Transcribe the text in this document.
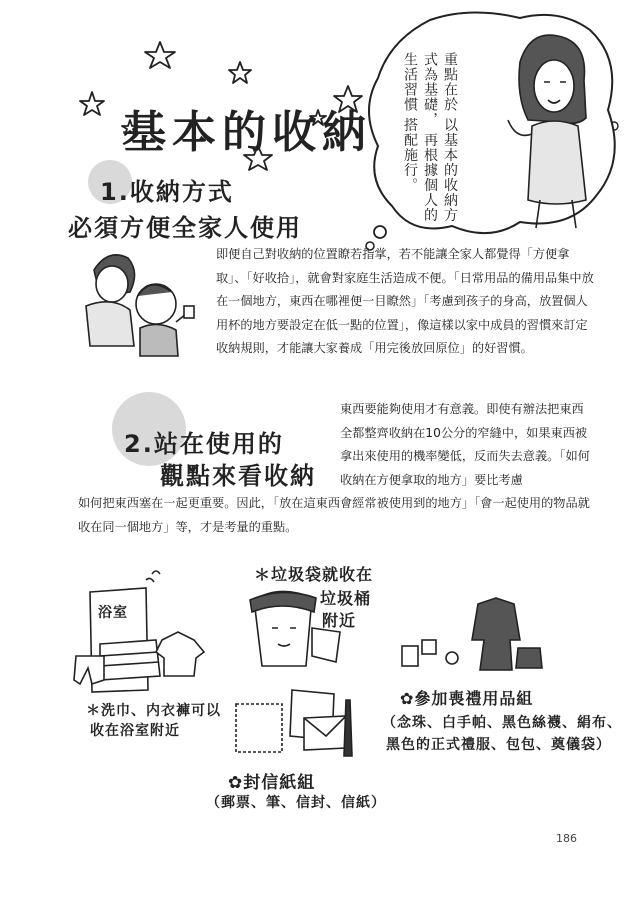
重點在於 以基本的收納方式為基礎， 再根據個人的生活習慣 搭配施行。
基本的收納
1.收納方式
必須方便全家人使用
即便自己對收納的位置瞭若指掌，若不能讓全家人都覺得「方便拿取」、「好收拾」，就會對家庭生活造成不便。「日常用品的備用品集中放在一個地方，東西在哪裡便一目瞭然」「考慮到孩子的身高，放置個人用杯的地方要設定在低一點的位置」，像這樣以家中成員的習慣來訂定收納規則，才能讓大家養成「用完後放回原位」的好習慣。
2.站在使用的
觀點來看收納
東西要能夠使用才有意義。即使有辦法把東西全都整齊收納在10公分的窄縫中，如果東西被拿出來使用的機率變低，反而失去意義。「如何收納在方便拿取的地方」要比考慮
如何把東西塞在一起更重要。因此，「放在這東西會經常被使用到的地方」「會一起使用的物品就收在同一個地方」等，才是考量的重點。
浴室
＊洗巾、内衣褲可以
收在浴室附近
＊垃圾袋就收在
垃圾桶
附近
✿參加喪禮用品組
（念珠、白手帕、黑色絲襪、絹布、
黑色的正式禮服、包包、奠儀袋）
✿封信紙組
（郵票、筆、信封、信紙）
186
